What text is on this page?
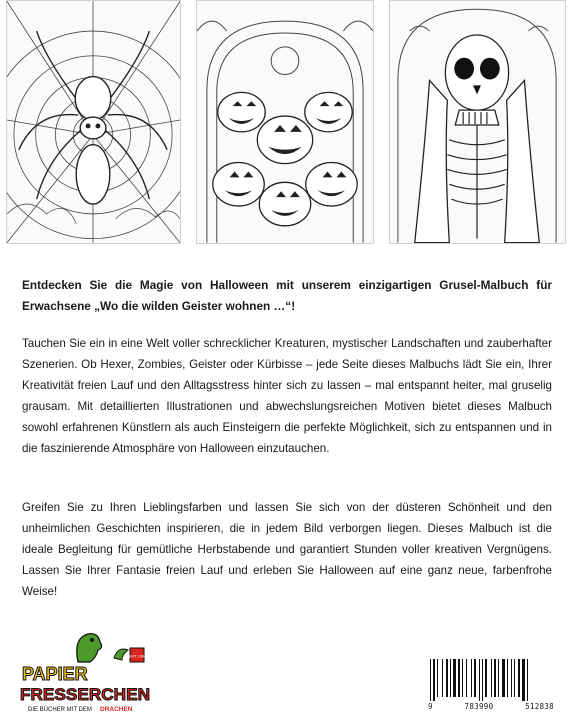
Entdecken Sie die Magie von Halloween mit unserem einzigartigen Grusel-Malbuch für Erwachsene „Wo die wilden Geister wohnen …“!

Tauchen Sie ein in eine Welt voller schrecklicher Kreaturen, mystischer Landschaften und zauberhafter Szenerien. Ob Hexer, Zombies, Geister oder Kürbisse – jede Seite dieses Malbuchs lädt Sie ein, Ihrer Kreativität freien Lauf und den Alltagsstress hinter sich zu lassen – mal entspannt heiter, mal gruselig grausam. Mit detaillierten Illustrationen und abwechslungsreichen Motiven bietet dieses Malbuch sowohl erfahrenen Künstlern als auch Einsteigern die perfekte Möglichkeit, sich zu entspannen und in die faszinierende Atmosphäre von Halloween einzutauchen.

Greifen Sie zu Ihren Lieblingsfarben und lassen Sie sich von der düsteren Schönheit und den unheimlichen Geschichten inspirieren, die in jedem Bild verborgen liegen. Dieses Malbuch ist die ideale Begleitung für gemütliche Herbstabende und garantiert Stunden voller kreativen Vergnügens. Lassen Sie Ihrer Fantasie freien Lauf und erleben Sie Halloween auf eine ganz neue, farbenfrohe Weise!

SEIT 1990
PAPIER
FRESSERCHEN
DIE BÜCHER MIT DEM DRACHEN	9	783990	512838
